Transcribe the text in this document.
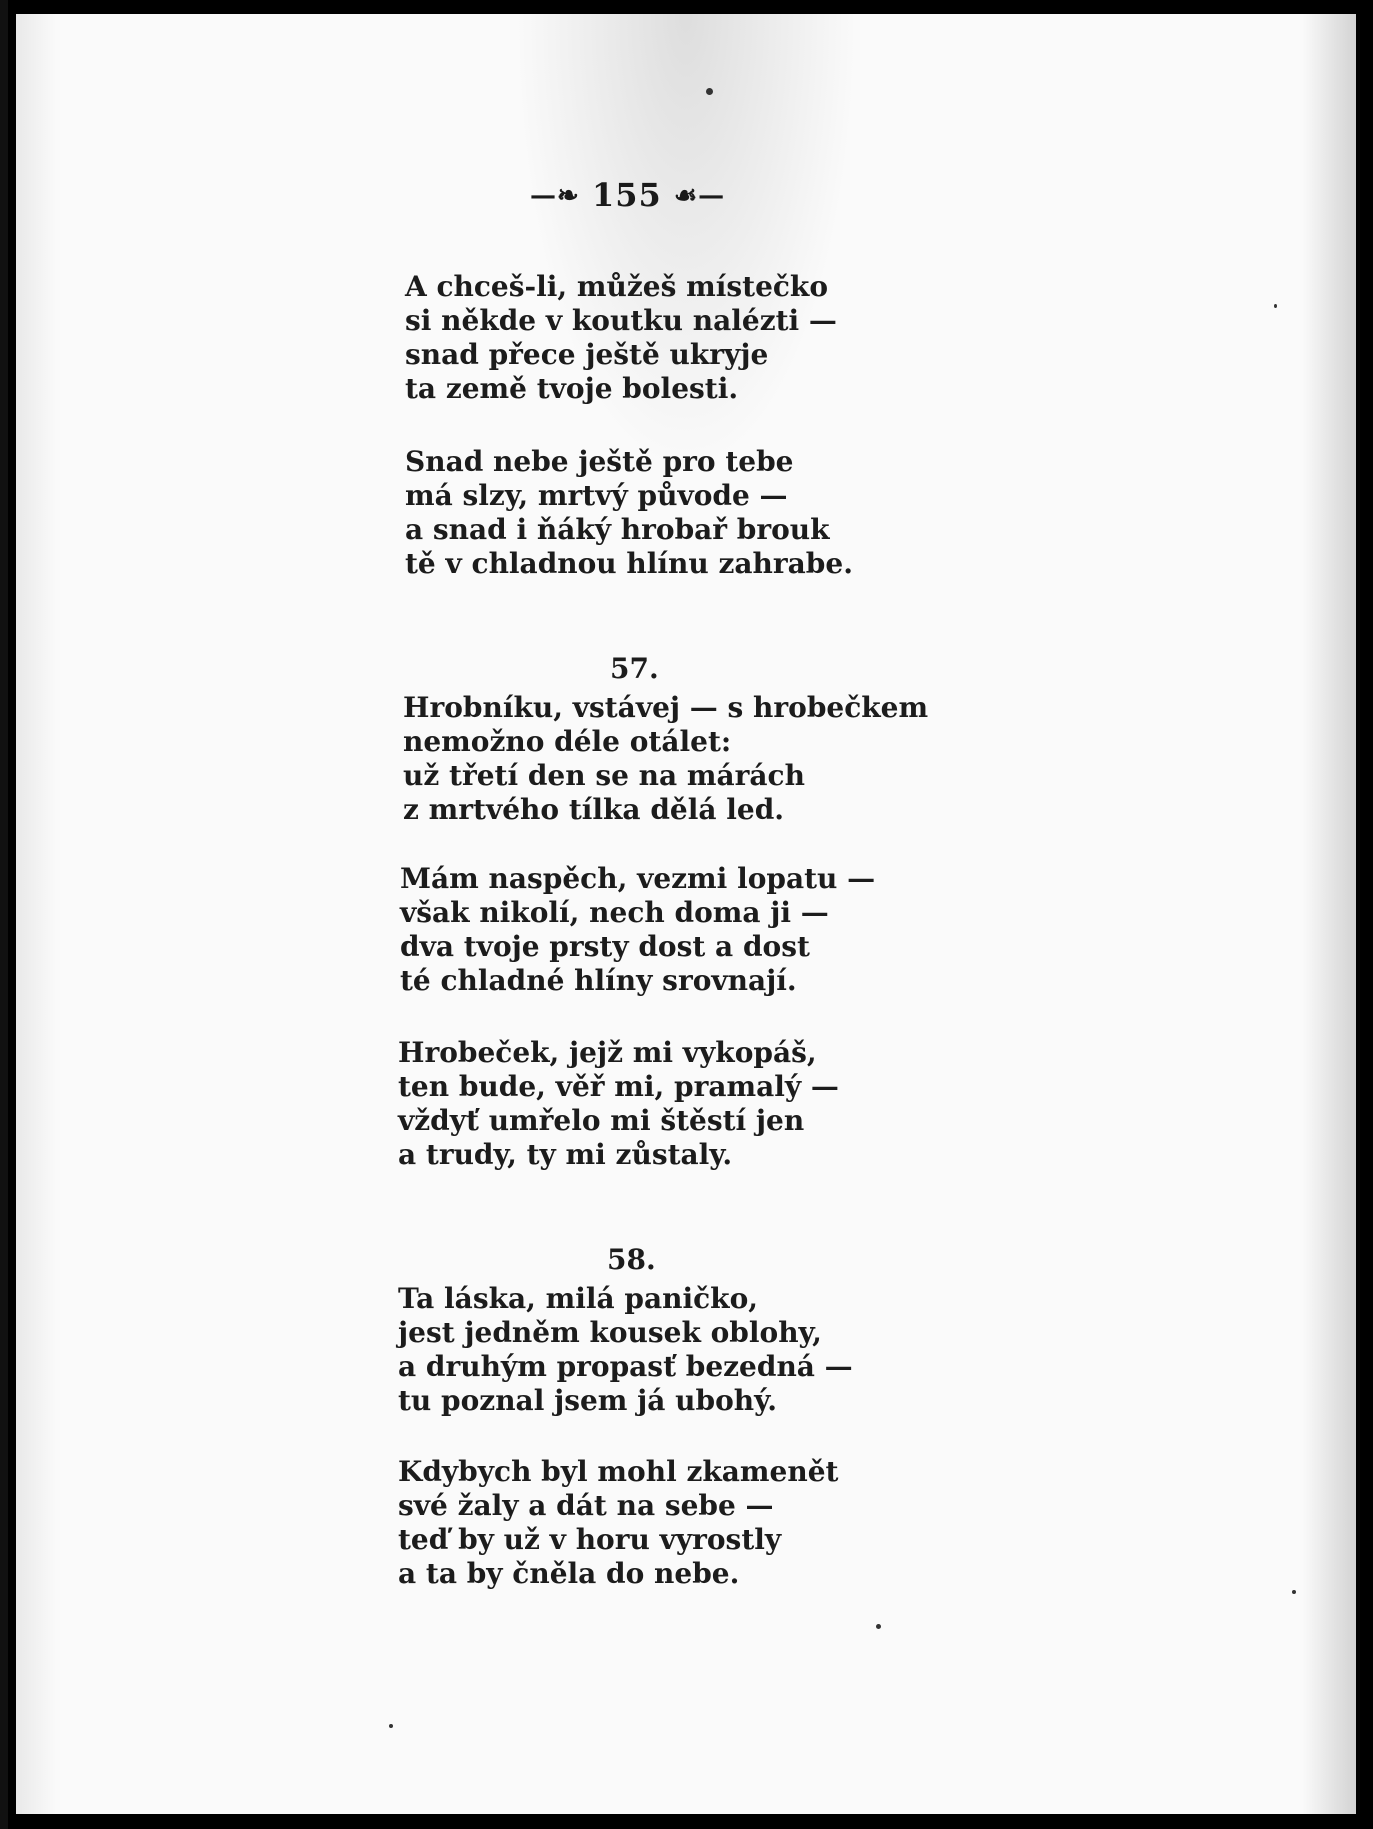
—❧ 155 ☙—
A chceš-li, můžeš místečko
si někde v koutku nalézti —
snad přece ještě ukryje
ta země tvoje bolesti.
Snad nebe ještě pro tebe
má slzy, mrtvý původe —
a snad i ňáký hrobař brouk
tě v chladnou hlínu zahrabe.
57.
Hrobníku, vstávej — s hrobečkem
nemožno déle otálet:
už třetí den se na márách
z mrtvého tílka dělá led.
Mám naspěch, vezmi lopatu —
však nikolí, nech doma ji —
dva tvoje prsty dost a dost
té chladné hlíny srovnají.
Hrobeček, jejž mi vykopáš,
ten bude, věř mi, pramalý —
vždyť umřelo mi štěstí jen
a trudy, ty mi zůstaly.
58.
Ta láska, milá paničko,
jest jedněm kousek oblohy,
a druhým propasť bezedná —
tu poznal jsem já ubohý.
Kdybych byl mohl zkamenět
své žaly a dát na sebe —
teď by už v horu vyrostly
a ta by čněla do nebe.
